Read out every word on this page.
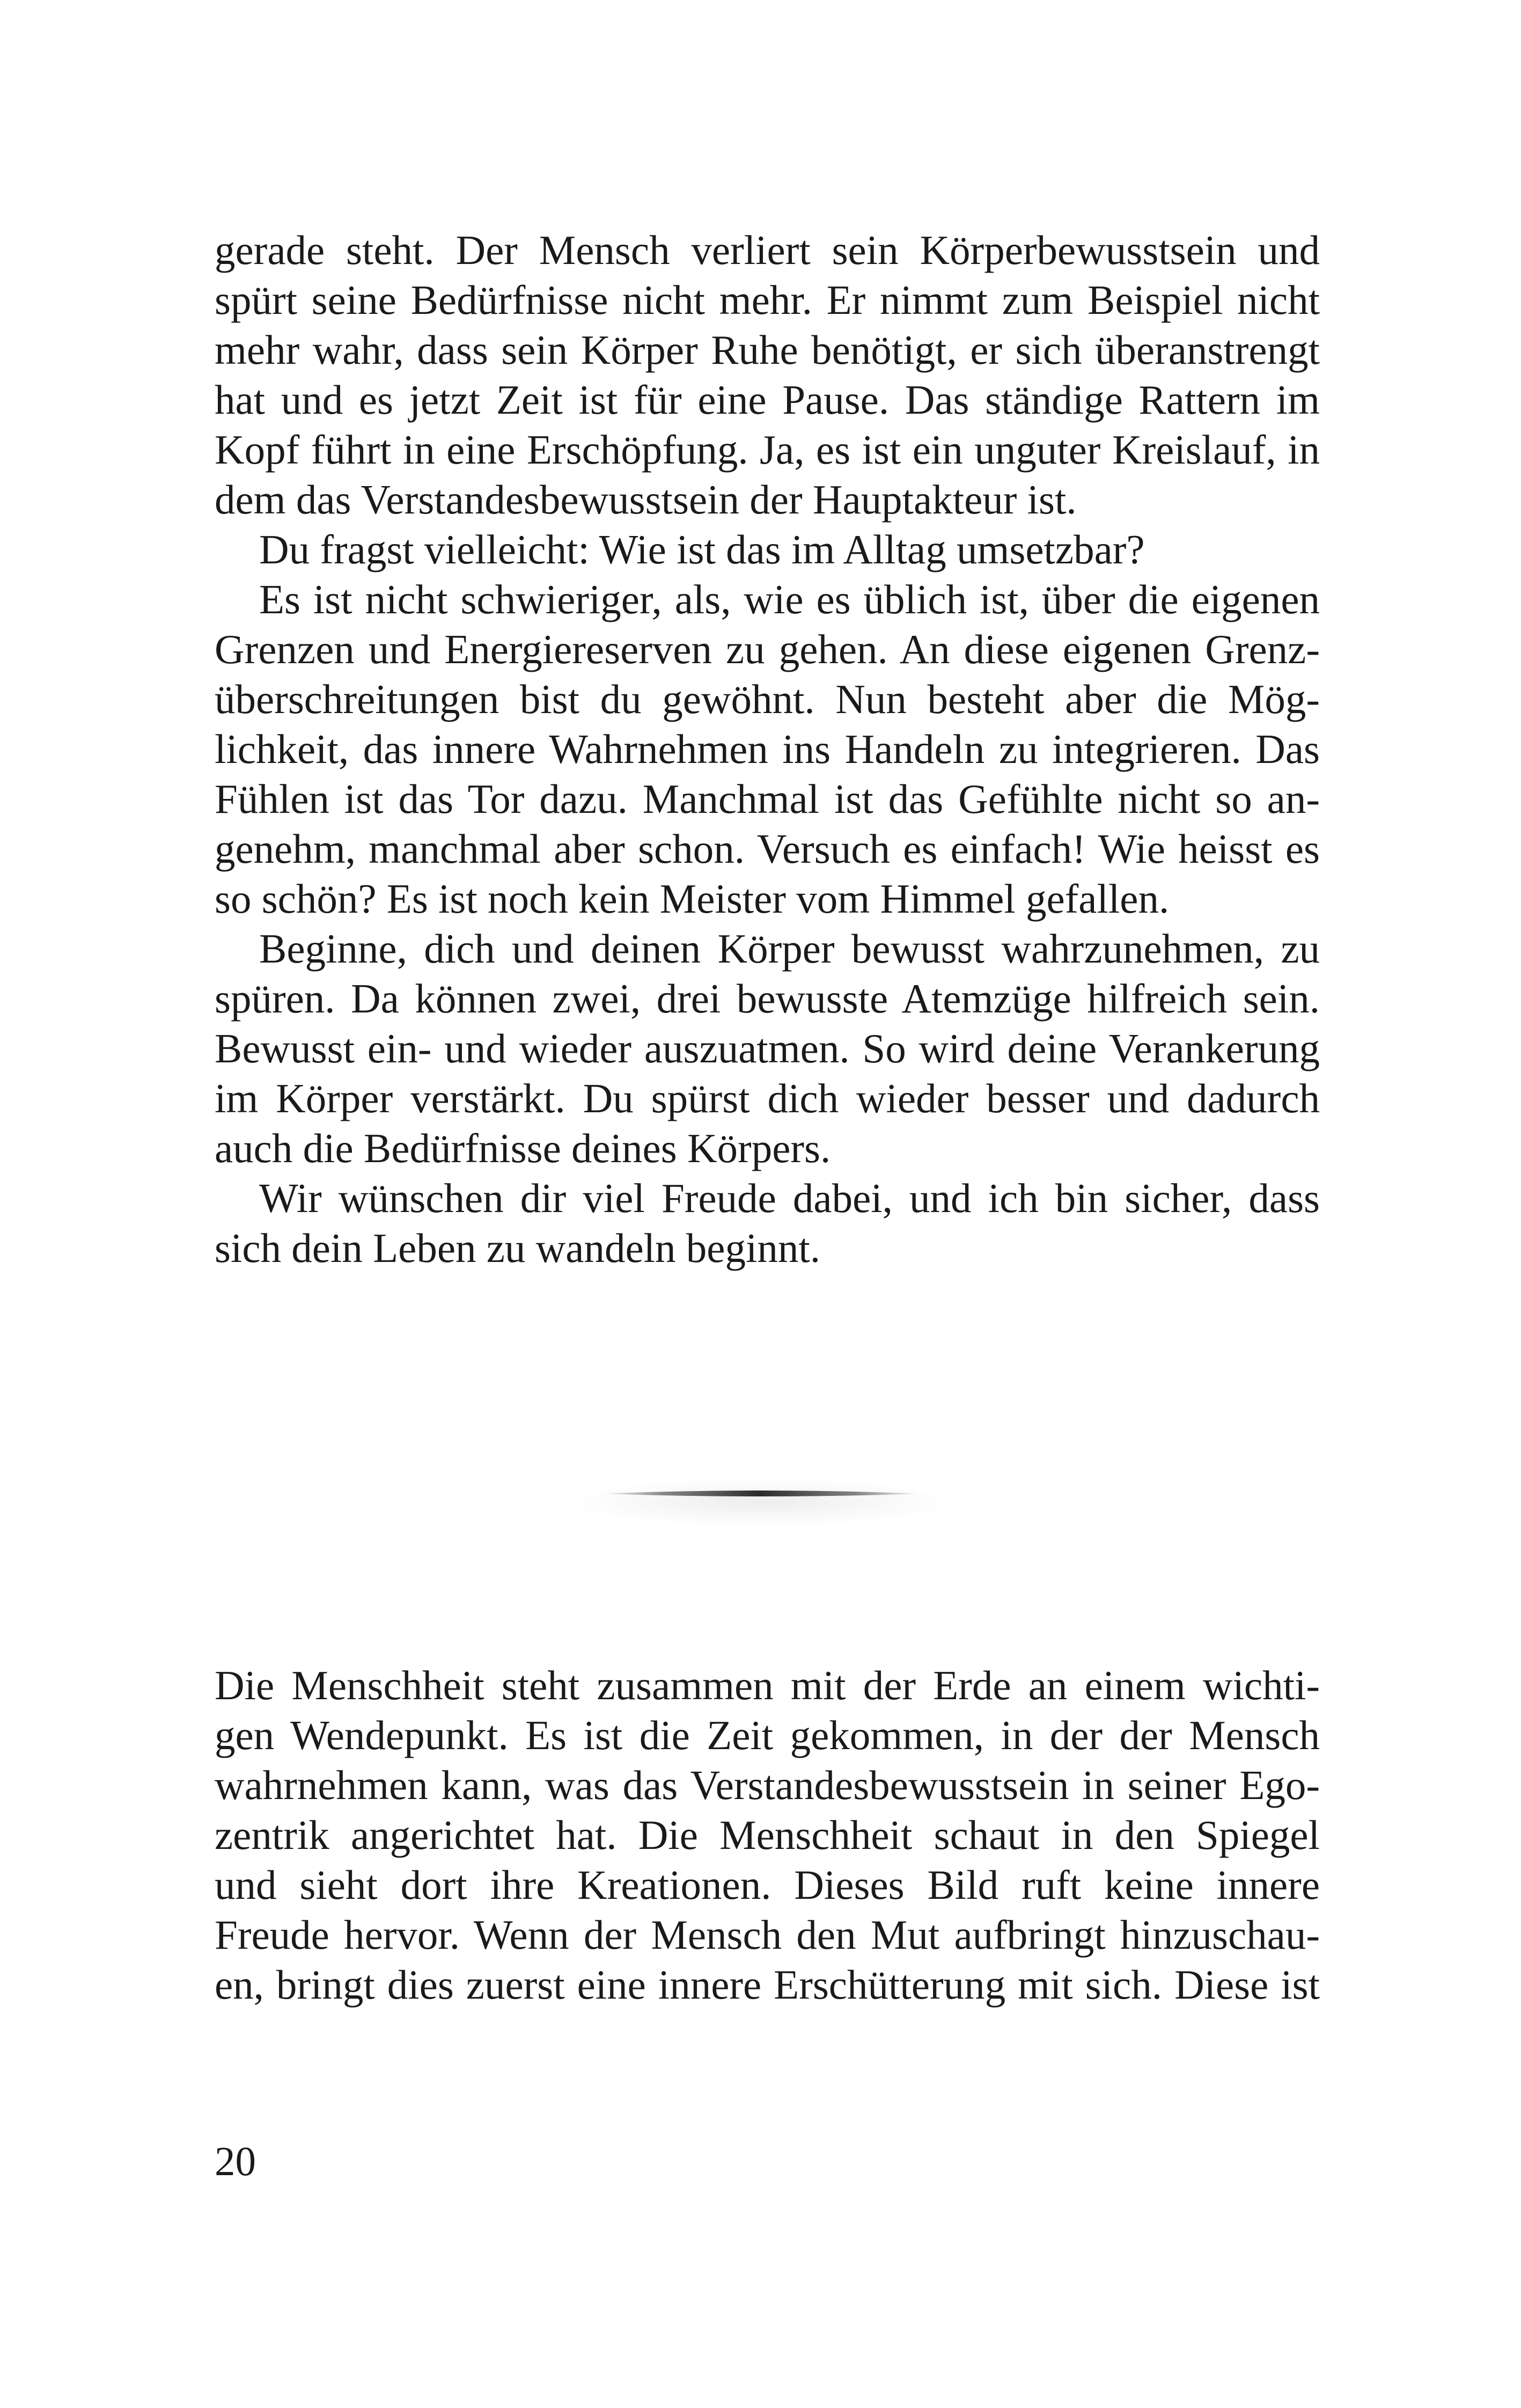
gerade steht. Der Mensch verliert sein Körperbewusstsein und
spürt seine Bedürfnisse nicht mehr. Er nimmt zum Beispiel nicht
mehr wahr, dass sein Körper Ruhe benötigt, er sich überanstrengt
hat und es jetzt Zeit ist für eine Pause. Das ständige Rattern im
Kopf führt in eine Erschöpfung. Ja, es ist ein unguter Kreislauf, in
dem das Verstandesbewusstsein der Hauptakteur ist.
Du fragst vielleicht: Wie ist das im Alltag umsetzbar?
Es ist nicht schwieriger, als, wie es üblich ist, über die eigenen
Grenzen und Energiereserven zu gehen. An diese eigenen Grenz-
überschreitungen bist du gewöhnt. Nun besteht aber die Mög-
lichkeit, das innere Wahrnehmen ins Handeln zu integrieren. Das
Fühlen ist das Tor dazu. Manchmal ist das Gefühlte nicht so an-
genehm, manchmal aber schon. Versuch es einfach! Wie heisst es
so schön? Es ist noch kein Meister vom Himmel gefallen.
Beginne, dich und deinen Körper bewusst wahrzunehmen, zu
spüren. Da können zwei, drei bewusste Atemzüge hilfreich sein.
Bewusst ein- und wieder auszuatmen. So wird deine Verankerung
im Körper verstärkt. Du spürst dich wieder besser und dadurch
auch die Bedürfnisse deines Körpers.
Wir wünschen dir viel Freude dabei, und ich bin sicher, dass
sich dein Leben zu wandeln beginnt.
Die Menschheit steht zusammen mit der Erde an einem wichti-
gen Wendepunkt. Es ist die Zeit gekommen, in der der Mensch
wahrnehmen kann, was das Verstandesbewusstsein in seiner Ego-
zentrik angerichtet hat. Die Menschheit schaut in den Spiegel
und sieht dort ihre Kreationen. Dieses Bild ruft keine innere
Freude hervor. Wenn der Mensch den Mut aufbringt hinzuschau-
en, bringt dies zuerst eine innere Erschütterung mit sich. Diese ist
20
